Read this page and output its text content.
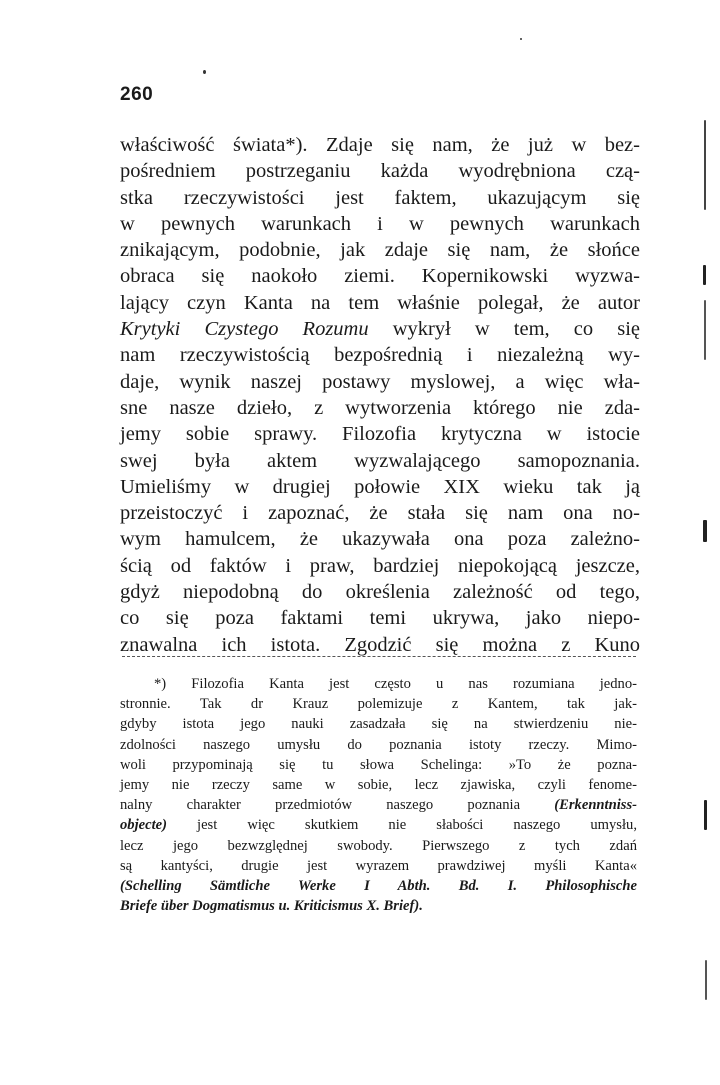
260
właściwość świata*). Zdaje się nam, że już w bez-
pośredniem postrzeganiu każda wyodrębniona czą-
stka rzeczywistości jest faktem, ukazującym się
w pewnych warunkach i w pewnych warunkach
znikającym, podobnie, jak zdaje się nam, że słońce
obraca się naokoło ziemi. Kopernikowski wyzwa-
lający czyn Kanta na tem właśnie polegał, że autor
Krytyki Czystego Rozumu wykrył w tem, co się
nam rzeczywistością bezpośrednią i niezależną wy-
daje, wynik naszej postawy myslowej, a więc wła-
sne nasze dzieło, z wytworzenia którego nie zda-
jemy sobie sprawy. Filozofia krytyczna w istocie
swej była aktem wyzwalającego samopoznania.
Umieliśmy w drugiej połowie XIX wieku tak ją
przeistoczyć i zapoznać, że stała się nam ona no-
wym hamulcem, że ukazywała ona poza zależno-
ścią od faktów i praw, bardziej niepokojącą jeszcze,
gdyż niepodobną do określenia zależność od tego,
co się poza faktami temi ukrywa, jako niepo-
znawalna ich istota. Zgodzić się można z Kuno
*) Filozofia Kanta jest często u nas rozumiana jedno-
stronnie. Tak dr Krauz polemizuje z Kantem, tak jak-
gdyby istota jego nauki zasadzała się na stwierdzeniu nie-
zdolności naszego umysłu do poznania istoty rzeczy. Mimo-
woli przypominają się tu słowa Schelinga: »To że pozna-
jemy nie rzeczy same w sobie, lecz zjawiska, czyli fenome-
nalny charakter przedmiotów naszego poznania (Erkenntniss-
objecte) jest więc skutkiem nie słabości naszego umysłu,
lecz jego bezwzględnej swobody. Pierwszego z tych zdań
są kantyści, drugie jest wyrazem prawdziwej myśli Kanta«
(Schelling Sämtliche Werke I Abth. Bd. I. Philosophische
Briefe über Dogmatismus u. Kriticismus X. Brief).
